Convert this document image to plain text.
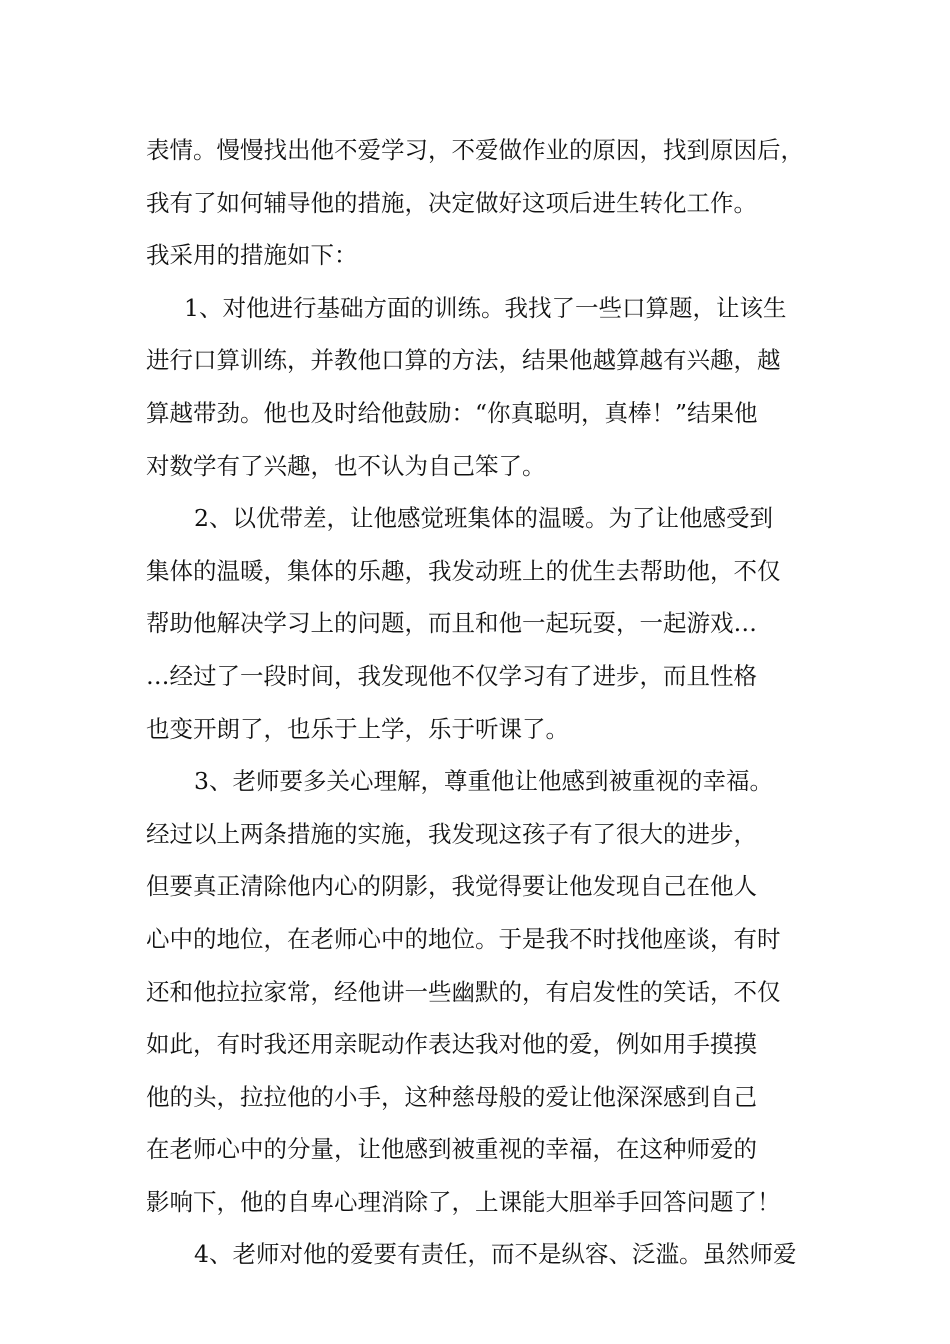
表情。慢慢找出他不爱学习，不爱做作业的原因，找到原因后，
我有了如何辅导他的措施，决定做好这项后进生转化工作。
我采用的措施如下：
1、对他进行基础方面的训练。我找了一些口算题，让该生
进行口算训练，并教他口算的方法，结果他越算越有兴趣，越
算越带劲。他也及时给他鼓励：“你真聪明，真棒！”结果他
对数学有了兴趣，也不认为自己笨了。
2、以优带差，让他感觉班集体的温暖。为了让他感受到
集体的温暖，集体的乐趣，我发动班上的优生去帮助他，不仅
帮助他解决学习上的问题，而且和他一起玩耍，一起游戏…
…经过了一段时间，我发现他不仅学习有了进步，而且性格
也变开朗了，也乐于上学，乐于听课了。
3、老师要多关心理解，尊重他让他感到被重视的幸福。
经过以上两条措施的实施，我发现这孩子有了很大的进步，
但要真正清除他内心的阴影，我觉得要让他发现自己在他人
心中的地位，在老师心中的地位。于是我不时找他座谈，有时
还和他拉拉家常，经他讲一些幽默的，有启发性的笑话，不仅
如此，有时我还用亲昵动作表达我对他的爱，例如用手摸摸
他的头，拉拉他的小手，这种慈母般的爱让他深深感到自己
在老师心中的分量，让他感到被重视的幸福，在这种师爱的
影响下，他的自卑心理消除了，上课能大胆举手回答问题了！
4、老师对他的爱要有责任，而不是纵容、泛滥。虽然师爱
